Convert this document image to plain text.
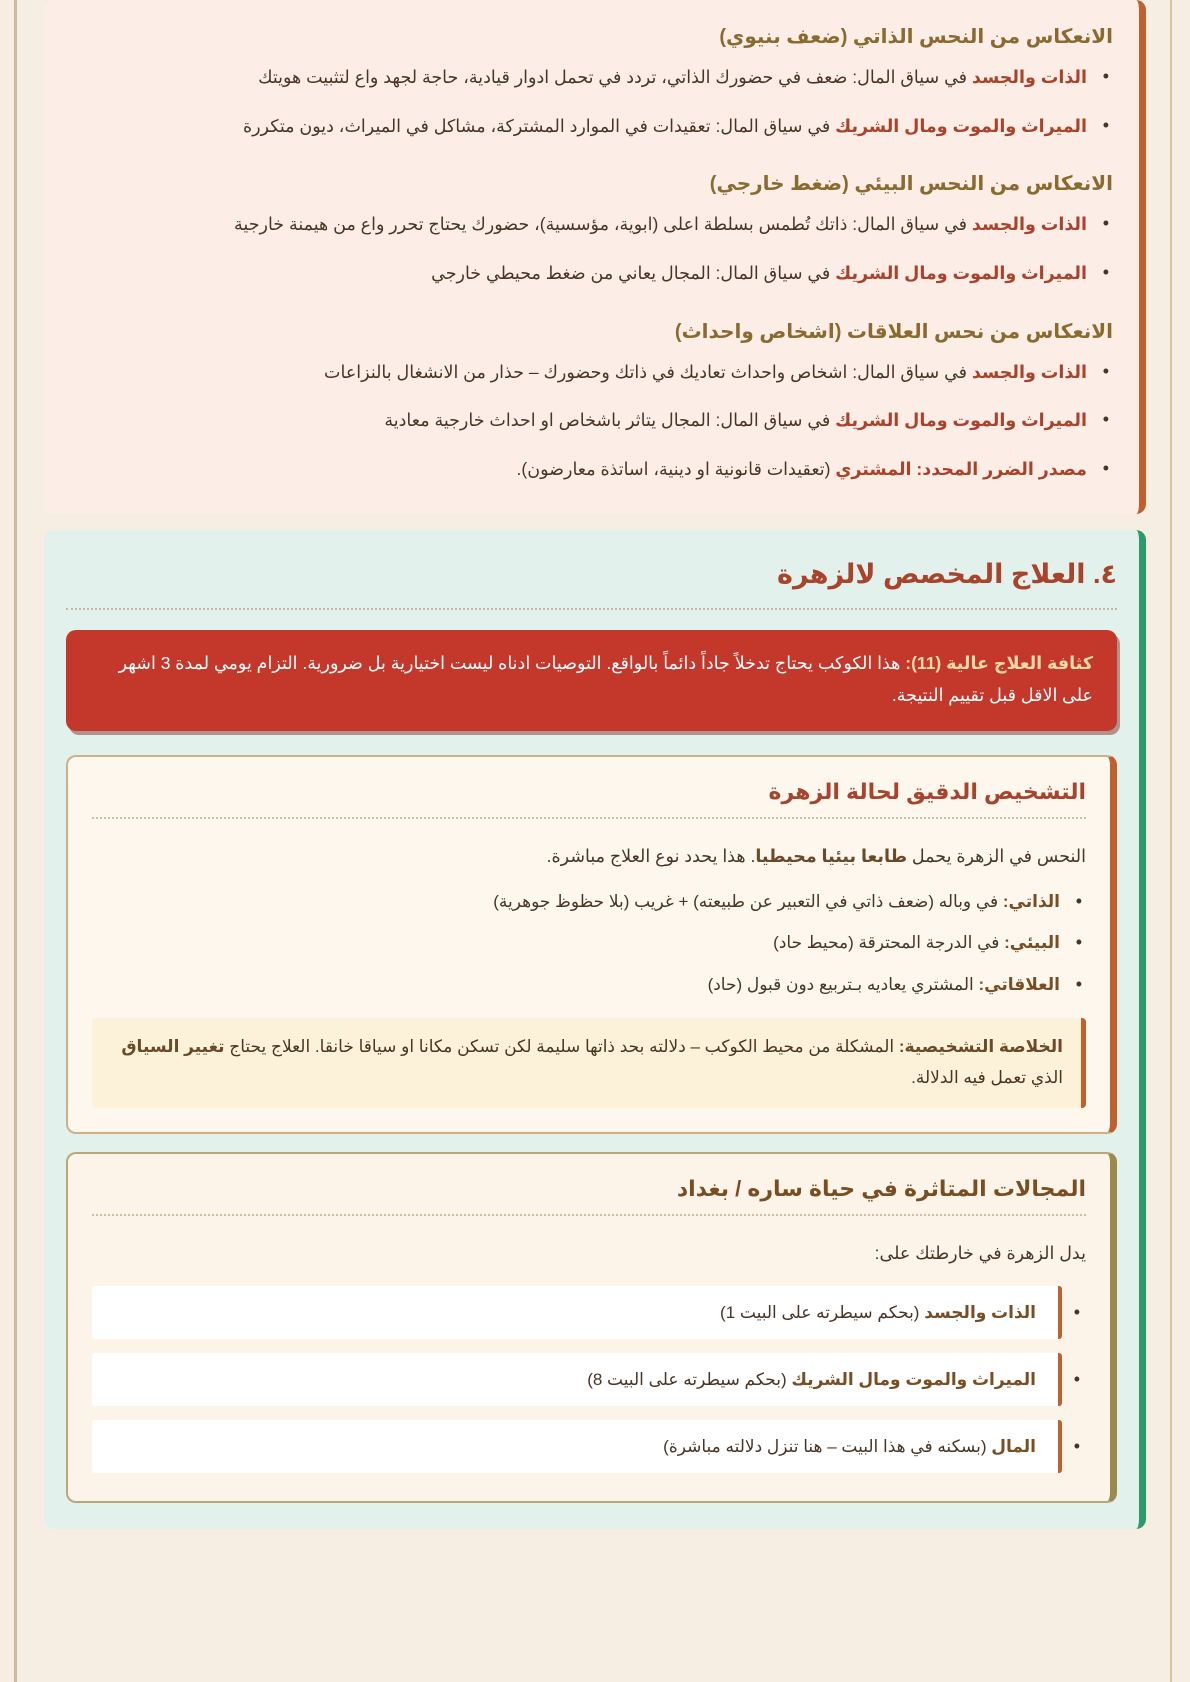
الانعكاس من النحس الذاتي (ضعف بنيوي)
• الذات والجسد في سياق المال: ضعف في حضورك الذاتي، تردد في تحمل ادوار قيادية، حاجة لجهد واع لتثبيت هويتك
• الميراث والموت ومال الشريك في سياق المال: تعقيدات في الموارد المشتركة، مشاكل في الميراث، ديون متكررة
الانعكاس من النحس البيئي (ضغط خارجي)
• الذات والجسد في سياق المال: ذاتك تُطمس بسلطة اعلى (ابوية، مؤسسية)، حضورك يحتاج تحرر واع من هيمنة خارجية
• الميراث والموت ومال الشريك في سياق المال: المجال يعاني من ضغط محيطي خارجي
الانعكاس من نحس العلاقات (اشخاص واحداث)
• الذات والجسد في سياق المال: اشخاص واحداث تعاديك في ذاتك وحضورك – حذار من الانشغال بالنزاعات
• الميراث والموت ومال الشريك في سياق المال: المجال يتاثر باشخاص او احداث خارجية معادية
• مصدر الضرر المحدد: المشتري (تعقيدات قانونية او دينية، اساتذة معارضون).
٤. العلاج المخصص لالزهرة
كثافة العلاج عالية (11): هذا الكوكب يحتاج تدخلاً جاداً دائماً بالواقع. التوصيات ادناه ليست اختيارية بل ضرورية. التزام يومي لمدة 3 اشهر على الاقل قبل تقييم النتيجة.
التشخيص الدقيق لحالة الزهرة

النحس في الزهرة يحمل طابعا بيئيا محيطيا. هذا يحدد نوع العلاج مباشرة.

• الذاتي: في وباله (ضعف ذاتي في التعبير عن طبيعته) + غريب (بلا حظوظ جوهرية)
• البيئي: في الدرجة المحترقة (محيط حاد)
• العلاقاتي: المشتري يعاديه بـتربيع دون قبول (حاد)
الخلاصة التشخيصية: المشكلة من محيط الكوكب – دلالته بحد ذاتها سليمة لكن تسكن مكانا او سياقا خانقا. العلاج يحتاج تغيير السياق الذي تعمل فيه الدلالة.
المجالات المتاثرة في حياة ساره / بغداد

يدل الزهرة في خارطتك على:

• الذات والجسد (بحكم سيطرته على البيت 1)
• الميراث والموت ومال الشريك (بحكم سيطرته على البيت 8)
• المال (بسكنه في هذا البيت – هنا تنزل دلالته مباشرة)
